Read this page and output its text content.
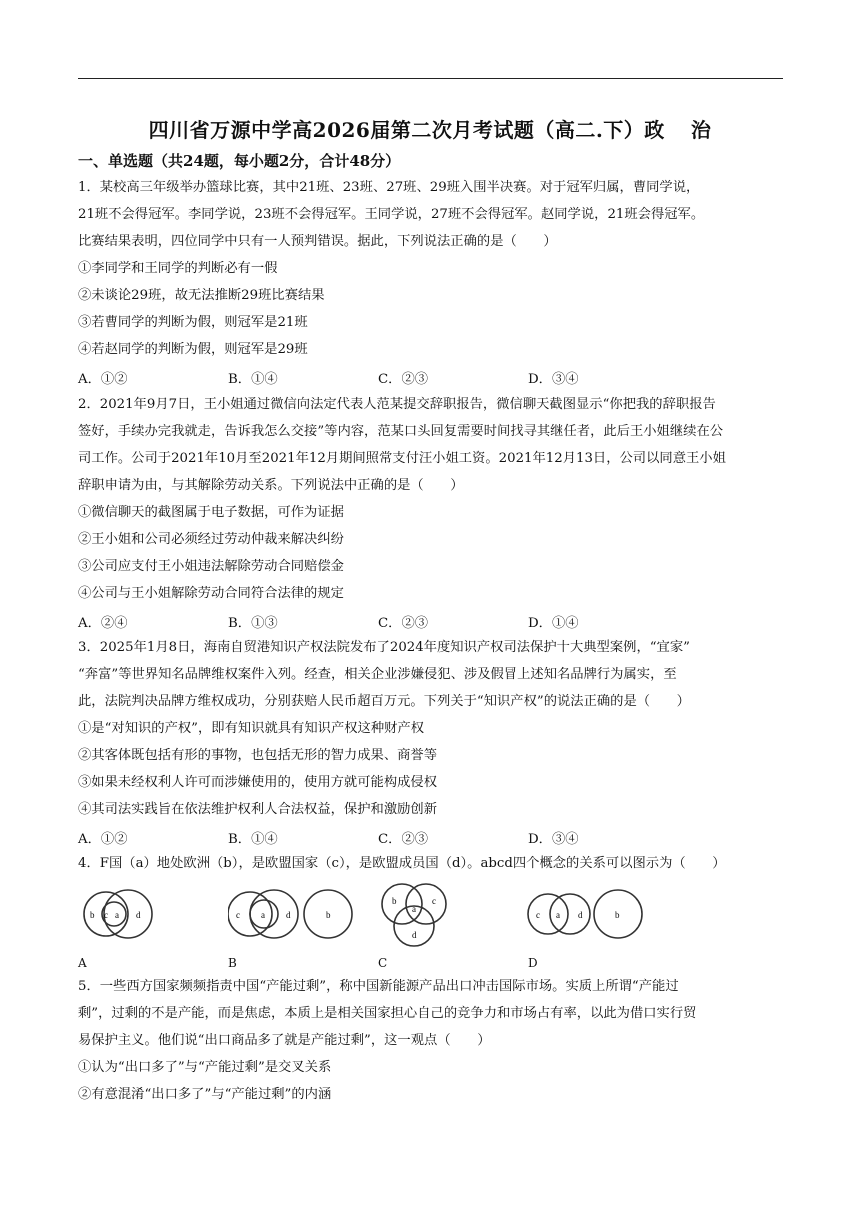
四川省万源中学高2026届第二次月考试题（高二.下）政 治
一、单选题（共24题，每小题2分，合计48分）
1．某校高三年级举办篮球比赛，其中21班、23班、27班、29班入围半决赛。对于冠军归属，曹同学说，
21班不会得冠军。李同学说，23班不会得冠军。王同学说，27班不会得冠军。赵同学说，21班会得冠军。
比赛结果表明，四位同学中只有一人预判错误。据此，下列说法正确的是（　　）
①李同学和王同学的判断必有一假
②未谈论29班，故无法推断29班比赛结果
③若曹同学的判断为假，则冠军是21班
④若赵同学的判断为假，则冠军是29班
A．①②	B．①④	C．②③	D．③④
2．2021年9月7日，王小姐通过微信向法定代表人范某提交辞职报告，微信聊天截图显示“你把我的辞职报告
签好，手续办完我就走，告诉我怎么交接”等内容，范某口头回复需要时间找寻其继任者，此后王小姐继续在公
司工作。公司于2021年10月至2021年12月期间照常支付汪小姐工资。2021年12月13日，公司以同意王小姐
辞职申请为由，与其解除劳动关系。下列说法中正确的是（　　）
①微信聊天的截图属于电子数据，可作为证据
②王小姐和公司必须经过劳动仲裁来解决纠纷
③公司应支付王小姐违法解除劳动合同赔偿金
④公司与王小姐解除劳动合同符合法律的规定
A．②④	B．①③	C．②③	D．①④
3．2025年1月8日，海南自贸港知识产权法院发布了2024年度知识产权司法保护十大典型案例，“宜家”
“奔富”等世界知名品牌维权案件入列。经查，相关企业涉嫌侵犯、涉及假冒上述知名品牌行为属实，至
此，法院判决品牌方维权成功，分别获赔人民币超百万元。下列关于“知识产权”的说法正确的是（　　）
①是“对知识的产权”，即有知识就具有知识产权这种财产权
②其客体既包括有形的事物，也包括无形的智力成果、商誉等
③如果未经权利人许可而涉嫌使用的，使用方就可能构成侵权
④其司法实践旨在依法维护权利人合法权益，保护和激励创新
A．①②	B．①④	C．②③	D．③④
4．F国（a）地处欧洲（b），是欧盟国家（c），是欧盟成员国（d）。abcd四个概念的关系可以图示为（　　）
b c a d	c a d	b
b
a
c
d
c a d	b
A	B	C	D
5．一些西方国家频频指责中国“产能过剩”，称中国新能源产品出口冲击国际市场。实质上所谓“产能过
剩”，过剩的不是产能，而是焦虑，本质上是相关国家担心自己的竞争力和市场占有率，以此为借口实行贸
易保护主义。他们说“出口商品多了就是产能过剩”，这一观点（　　）
①认为“出口多了”与“产能过剩”是交叉关系
②有意混淆“出口多了”与“产能过剩”的内涵
